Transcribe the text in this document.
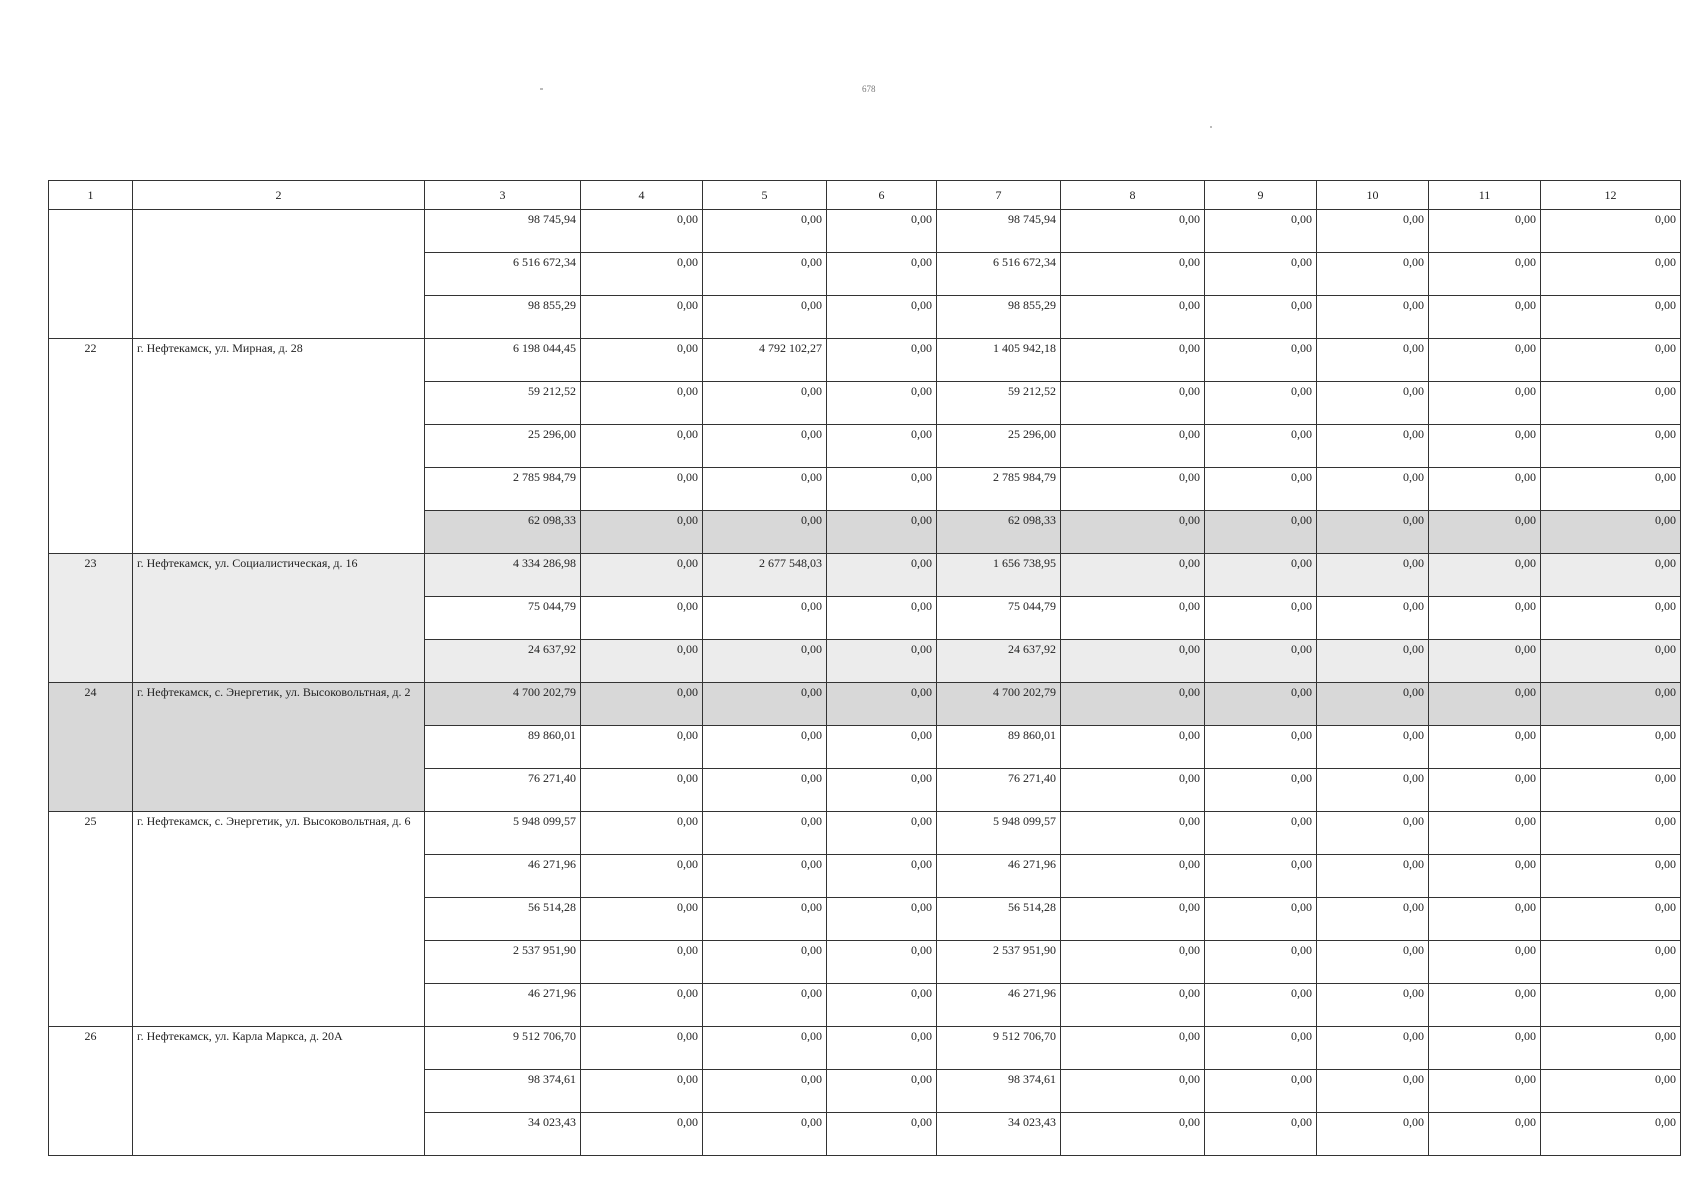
678
1	2	3	4	5	6	7	8	9	10	11	12
		98 745,94	0,00	0,00	0,00	98 745,94	0,00	0,00	0,00	0,00	0,00
		6 516 672,34	0,00	0,00	0,00	6 516 672,34	0,00	0,00	0,00	0,00	0,00
		98 855,29	0,00	0,00	0,00	98 855,29	0,00	0,00	0,00	0,00	0,00
22	г. Нефтекамск, ул. Мирная, д. 28	6 198 044,45	0,00	4 792 102,27	0,00	1 405 942,18	0,00	0,00	0,00	0,00	0,00
		59 212,52	0,00	0,00	0,00	59 212,52	0,00	0,00	0,00	0,00	0,00
		25 296,00	0,00	0,00	0,00	25 296,00	0,00	0,00	0,00	0,00	0,00
		2 785 984,79	0,00	0,00	0,00	2 785 984,79	0,00	0,00	0,00	0,00	0,00
		62 098,33	0,00	0,00	0,00	62 098,33	0,00	0,00	0,00	0,00	0,00
23	г. Нефтекамск, ул. Социалистическая, д. 16	4 334 286,98	0,00	2 677 548,03	0,00	1 656 738,95	0,00	0,00	0,00	0,00	0,00
		75 044,79	0,00	0,00	0,00	75 044,79	0,00	0,00	0,00	0,00	0,00
		24 637,92	0,00	0,00	0,00	24 637,92	0,00	0,00	0,00	0,00	0,00
24	г. Нефтекамск, с. Энергетик, ул. Высоковольтная, д. 2	4 700 202,79	0,00	0,00	0,00	4 700 202,79	0,00	0,00	0,00	0,00	0,00
		89 860,01	0,00	0,00	0,00	89 860,01	0,00	0,00	0,00	0,00	0,00
		76 271,40	0,00	0,00	0,00	76 271,40	0,00	0,00	0,00	0,00	0,00
25	г. Нефтекамск, с. Энергетик, ул. Высоковольтная, д. 6	5 948 099,57	0,00	0,00	0,00	5 948 099,57	0,00	0,00	0,00	0,00	0,00
		46 271,96	0,00	0,00	0,00	46 271,96	0,00	0,00	0,00	0,00	0,00
		56 514,28	0,00	0,00	0,00	56 514,28	0,00	0,00	0,00	0,00	0,00
		2 537 951,90	0,00	0,00	0,00	2 537 951,90	0,00	0,00	0,00	0,00	0,00
		46 271,96	0,00	0,00	0,00	46 271,96	0,00	0,00	0,00	0,00	0,00
26	г. Нефтекамск, ул. Карла Маркса, д. 20А	9 512 706,70	0,00	0,00	0,00	9 512 706,70	0,00	0,00	0,00	0,00	0,00
		98 374,61	0,00	0,00	0,00	98 374,61	0,00	0,00	0,00	0,00	0,00
		34 023,43	0,00	0,00	0,00	34 023,43	0,00	0,00	0,00	0,00	0,00
